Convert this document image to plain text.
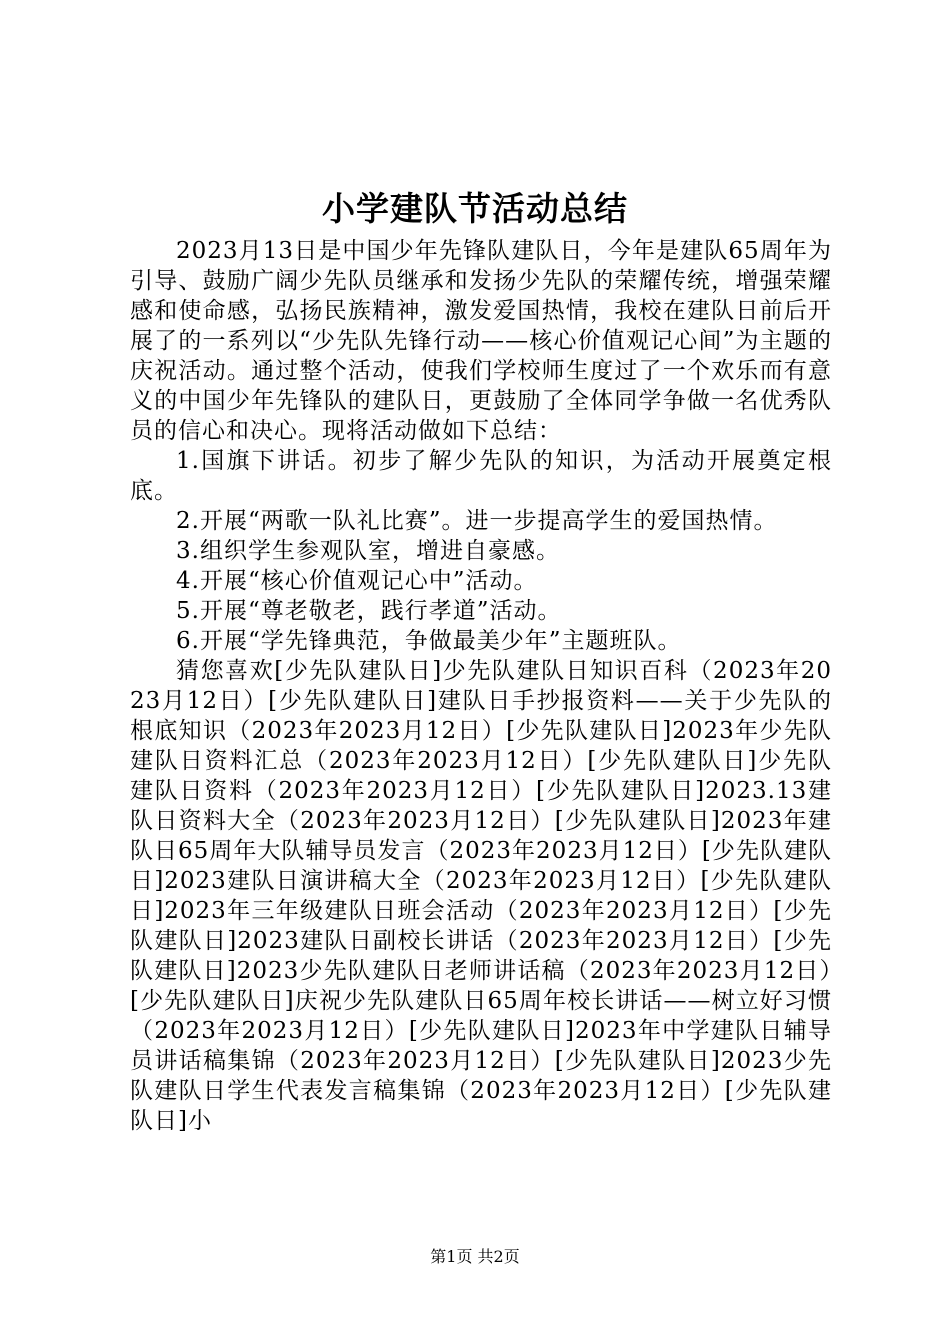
小学建队节活动总结

2023月13日是中国少年先锋队建队日，今年是建队65周年为引导、鼓励广阔少先队员继承和发扬少先队的荣耀传统，增强荣耀感和使命感，弘扬民族精神，激发爱国热情，我校在建队日前后开展了的一系列以“少先队先锋行动——核心价值观记心间”为主题的庆祝活动。通过整个活动，使我们学校师生度过了一个欢乐而有意义的中国少年先锋队的建队日，更鼓励了全体同学争做一名优秀队员的信心和决心。现将活动做如下总结：

1.国旗下讲话。初步了解少先队的知识，为活动开展奠定根底。

2.开展“两歌一队礼比赛”。进一步提高学生的爱国热情。

3.组织学生参观队室，增进自豪感。

4.开展“核心价值观记心中”活动。

5.开展“尊老敬老，践行孝道”活动。

6.开展“学先锋典范，争做最美少年”主题班队。

猜您喜欢[少先队建队日]少先队建队日知识百科（2023年2023月12日）[少先队建队日]建队日手抄报资料——关于少先队的根底知识（2023年2023月12日）[少先队建队日]2023年少先队建队日资料汇总（2023年2023月12日）[少先队建队日]少先队建队日资料（2023年2023月12日）[少先队建队日]2023.13建队日资料大全（2023年2023月12日）[少先队建队日]2023年建队日65周年大队辅导员发言（2023年2023月12日）[少先队建队日]2023建队日演讲稿大全（2023年2023月12日）[少先队建队日]2023年三年级建队日班会活动（2023年2023月12日）[少先队建队日]2023建队日副校长讲话（2023年2023月12日）[少先队建队日]2023少先队建队日老师讲话稿（2023年2023月12日）[少先队建队日]庆祝少先队建队日65周年校长讲话——树立好习惯（2023年2023月12日）[少先队建队日]2023年中学建队日辅导员讲话稿集锦（2023年2023月12日）[少先队建队日]2023少先队建队日学生代表发言稿集锦（2023年2023月12日）[少先队建队日]小

第1页 共2页
